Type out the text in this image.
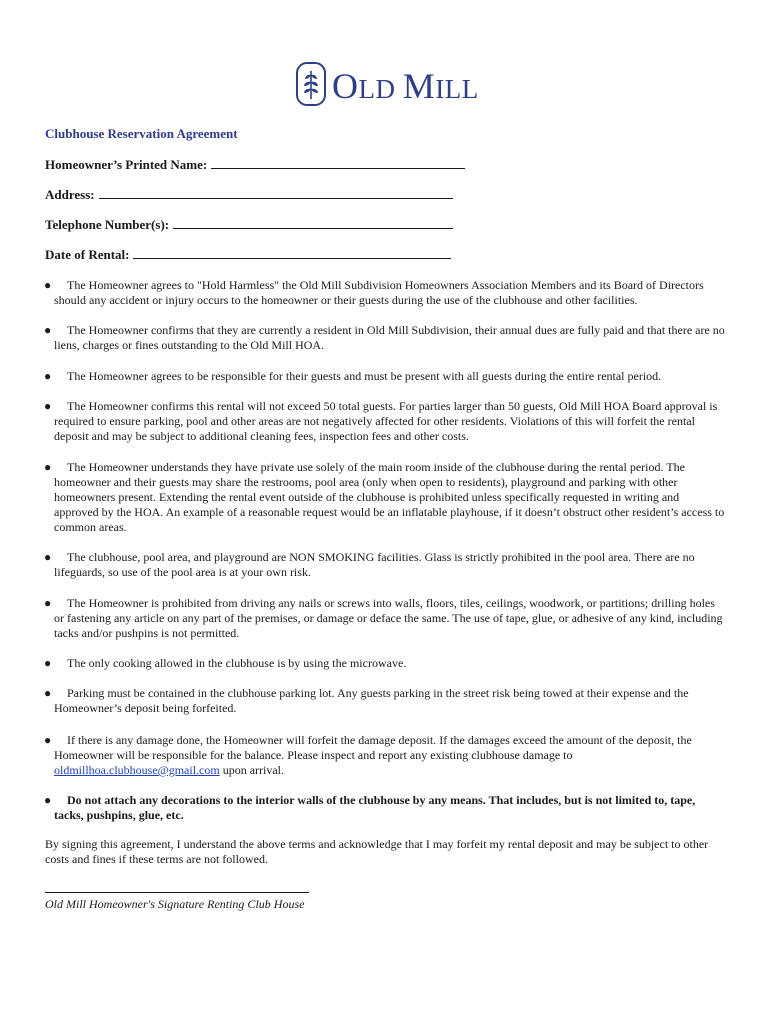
OLD MILL
Clubhouse Reservation Agreement
Homeowner’s Printed Name:
Address:
Telephone Number(s):
Date of Rental:
● The Homeowner agrees to "Hold Harmless" the Old Mill Subdivision Homeowners Association Members and its Board of Directors should any accident or injury occurs to the homeowner or their guests during the use of the clubhouse and other facilities.
● The Homeowner confirms that they are currently a resident in Old Mill Subdivision, their annual dues are fully paid and that there are no liens, charges or fines outstanding to the Old Mill HOA.
● The Homeowner agrees to be responsible for their guests and must be present with all guests during the entire rental period.
● The Homeowner confirms this rental will not exceed 50 total guests. For parties larger than 50 guests, Old Mill HOA Board approval is required to ensure parking, pool and other areas are not negatively affected for other residents. Violations of this will forfeit the rental deposit and may be subject to additional cleaning fees, inspection fees and other costs.
● The Homeowner understands they have private use solely of the main room inside of the clubhouse during the rental period. The homeowner and their guests may share the restrooms, pool area (only when open to residents), playground and parking with other homeowners present. Extending the rental event outside of the clubhouse is prohibited unless specifically requested in writing and approved by the HOA. An example of a reasonable request would be an inflatable playhouse, if it doesn’t obstruct other resident’s access to common areas.
● The clubhouse, pool area, and playground are NON SMOKING facilities. Glass is strictly prohibited in the pool area. There are no lifeguards, so use of the pool area is at your own risk.
● The Homeowner is prohibited from driving any nails or screws into walls, floors, tiles, ceilings, woodwork, or partitions; drilling holes or fastening any article on any part of the premises, or damage or deface the same. The use of tape, glue, or adhesive of any kind, including tacks and/or pushpins is not permitted.
● The only cooking allowed in the clubhouse is by using the microwave.
● Parking must be contained in the clubhouse parking lot. Any guests parking in the street risk being towed at their expense and the Homeowner’s deposit being forfeited.
● If there is any damage done, the Homeowner will forfeit the damage deposit. If the damages exceed the amount of the deposit, the Homeowner will be responsible for the balance. Please inspect and report any existing clubhouse damage to
oldmillhoa.clubhouse@gmail.com upon arrival.
● Do not attach any decorations to the interior walls of the clubhouse by any means. That includes, but is not limited to, tape, tacks, pushpins, glue, etc.
By signing this agreement, I understand the above terms and acknowledge that I may forfeit my rental deposit and may be subject to other costs and fines if these terms are not followed.
Old Mill Homeowner's Signature Renting Club House
